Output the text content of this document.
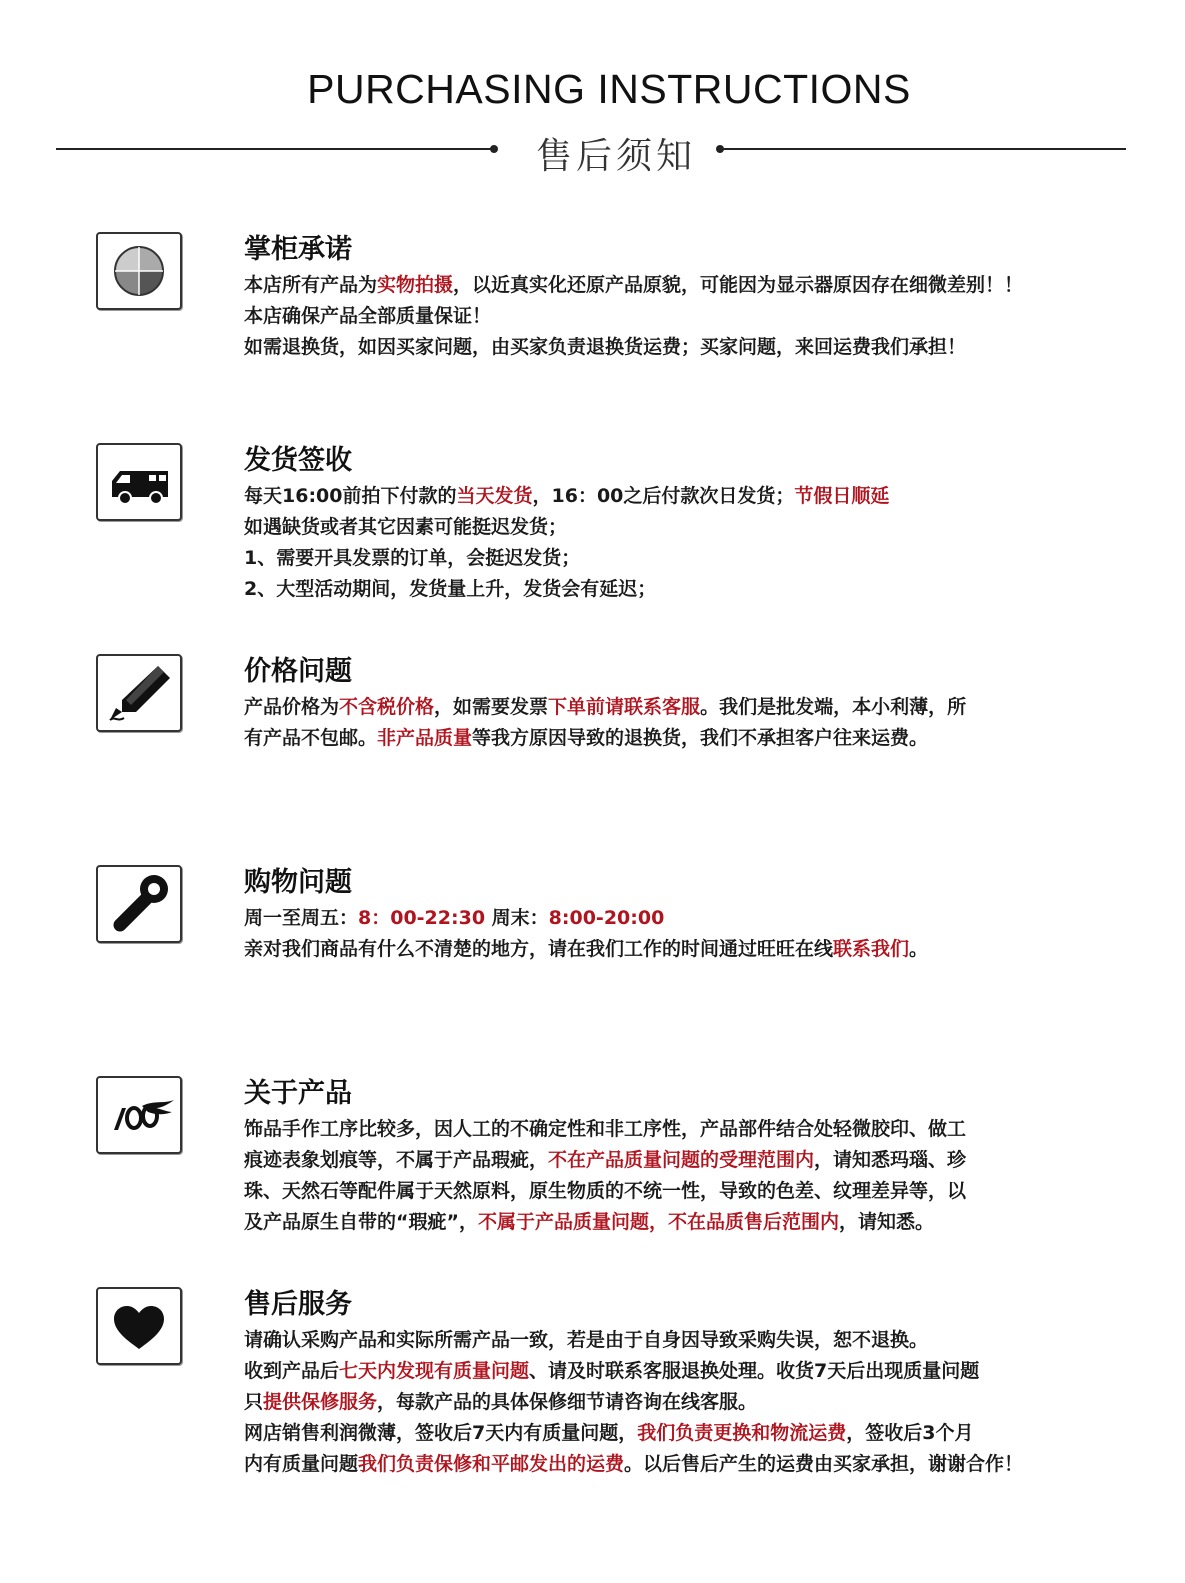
PURCHASING INSTRUCTIONS
售后须知
掌柜承诺
本店所有产品为实物拍摄，以近真实化还原产品原貌，可能因为显示器原因存在细微差别！！
本店确保产品全部质量保证！
如需退换货，如因买家问题，由买家负责退换货运费；买家问题，来回运费我们承担！
发货签收
每天16:00前拍下付款的当天发货，16：00之后付款次日发货；节假日顺延
如遇缺货或者其它因素可能挺迟发货；
1、需要开具发票的订单，会挺迟发货；
2、大型活动期间，发货量上升，发货会有延迟；
价格问题
产品价格为不含税价格，如需要发票下单前请联系客服。我们是批发端，本小利薄，所
有产品不包邮。非产品质量等我方原因导致的退换货，我们不承担客户往来运费。
购物问题
周一至周五：8：00-22:30 周末：8:00-20:00
亲对我们商品有什么不清楚的地方，请在我们工作的时间通过旺旺在线联系我们。
关于产品
饰品手作工序比较多，因人工的不确定性和非工序性，产品部件结合处轻微胶印、做工
痕迹表象划痕等，不属于产品瑕疵，不在产品质量问题的受理范围内，请知悉玛瑙、珍
珠、天然石等配件属于天然原料，原生物质的不统一性，导致的色差、纹理差异等，以
及产品原生自带的“瑕疵”，不属于产品质量问题，不在品质售后范围内，请知悉。
售后服务
请确认采购产品和实际所需产品一致，若是由于自身因导致采购失误，恕不退换。
收到产品后七天内发现有质量问题、请及时联系客服退换处理。收货7天后出现质量问题
只提供保修服务，每款产品的具体保修细节请咨询在线客服。
网店销售利润微薄，签收后7天内有质量问题，我们负责更换和物流运费，签收后3个月
内有质量问题我们负责保修和平邮发出的运费。以后售后产生的运费由买家承担，谢谢合作！
